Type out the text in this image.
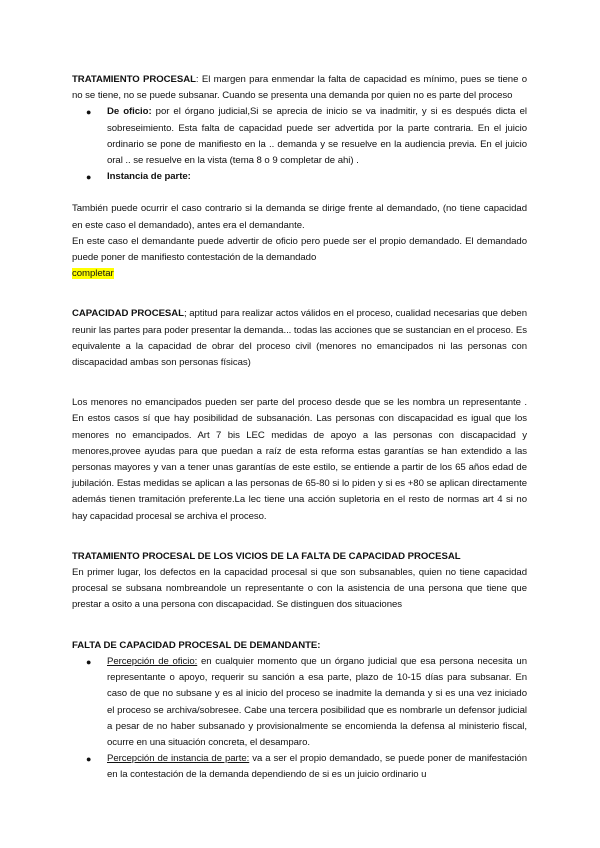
TRATAMIENTO PROCESAL: El margen para enmendar la falta de capacidad es mínimo, pues se tiene o no se tiene, no se puede subsanar. Cuando se presenta una demanda por quien no es parte del proceso

● De oficio: por el órgano judicial,Si se aprecia de inicio se va inadmitir, y si es después dicta el sobreseimiento. Esta falta de capacidad puede ser advertida por la parte contraria. En el juicio ordinario se pone de manifiesto en la .. demanda y se resuelve en la audiencia previa. En el juicio oral .. se resuelve en la vista (tema 8 o 9 completar de ahi) .
● Instancia de parte:

También puede ocurrir el caso contrario si la demanda se dirige frente al demandado, (no tiene capacidad en este caso el demandado), antes era el demandante.

En este caso el demandante puede advertir de oficio pero puede ser el propio demandado. El demandado puede poner de manifiesto contestación de la demandado

completar

CAPACIDAD PROCESAL; aptitud para realizar actos válidos en el proceso, cualidad necesarias que deben reunir las partes para poder presentar la demanda... todas las acciones que se sustancian en el proceso. Es equivalente a la capacidad de obrar del proceso civil (menores no emancipados ni las personas con discapacidad ambas son personas físicas)

Los menores no emancipados pueden ser parte del proceso desde que se les nombra un representante . En estos casos sí que hay posibilidad de subsanación. Las personas con discapacidad es igual que los menores no emancipados. Art 7 bis LEC medidas de apoyo a las personas con discapacidad y menores,provee ayudas para que puedan a raíz de esta reforma estas garantías se han extendido a las personas mayores y van a tener unas garantías de este estilo, se entiende a partir de los 65 años edad de jubilación. Estas medidas se aplican a las personas de 65-80 si lo piden y si es +80 se aplican directamente además tienen tramitación preferente.La lec tiene una acción supletoria en el resto de normas art 4 si no hay capacidad procesal se archiva el proceso.

TRATAMIENTO PROCESAL DE LOS VICIOS DE LA FALTA DE CAPACIDAD PROCESAL

En primer lugar, los defectos en la capacidad procesal si que son subsanables, quien no tiene capacidad procesal se subsana nombreandole un representante o con la asistencia de una persona que tiene que prestar a osito a una persona con discapacidad. Se distinguen dos situaciones

FALTA DE CAPACIDAD PROCESAL DE DEMANDANTE:

● Percepción de oficio: en cualquier momento que un órgano judicial que esa persona necesita un representante o apoyo, requerir su sanción a esa parte, plazo de 10-15 días para subsanar. En caso de que no subsane y es al inicio del proceso se inadmite la demanda y si es una vez iniciado el proceso se archiva/sobresee. Cabe una tercera posibilidad que es nombrarle un defensor judicial a pesar de no haber subsanado y provisionalmente se encomienda la defensa al ministerio fiscal, ocurre en una situación concreta, el desamparo.
● Percepción de instancia de parte: va a ser el propio demandado, se puede poner de manifestación en la contestación de la demanda dependiendo de si es un juicio ordinario u
